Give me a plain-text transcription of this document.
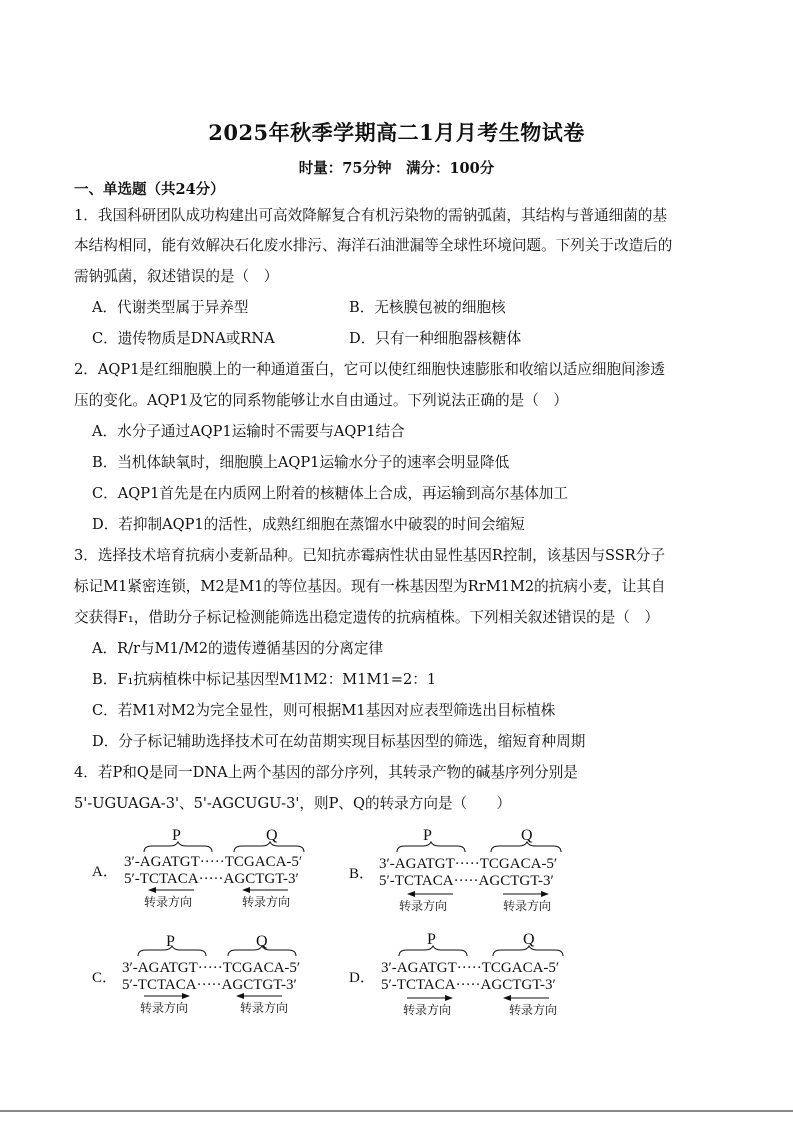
2025年秋季学期高二1月月考生物试卷
时量：75分钟　满分：100分
一、单选题（共24分）
1．我国科研团队成功构建出可高效降解复合有机污染物的需钠弧菌，其结构与普通细菌的基
本结构相同，能有效解决石化废水排污、海洋石油泄漏等全球性环境问题。下列关于改造后的
需钠弧菌，叙述错误的是（　）
A．代谢类型属于异养型	B．无核膜包被的细胞核
C．遗传物质是DNA或RNA	D．只有一种细胞器核糖体
2．AQP1是红细胞膜上的一种通道蛋白，它可以使红细胞快速膨胀和收缩以适应细胞间渗透
压的变化。AQP1及它的同系物能够让水自由通过。下列说法正确的是（　）
A．水分子通过AQP1运输时不需要与AQP1结合
B．当机体缺氧时，细胞膜上AQP1运输水分子的速率会明显降低
C．AQP1首先是在内质网上附着的核糖体上合成，再运输到高尔基体加工
D．若抑制AQP1的活性，成熟红细胞在蒸馏水中破裂的时间会缩短
3．选择技术培育抗病小麦新品种。已知抗赤霉病性状由显性基因R控制，该基因与SSR分子
标记M1紧密连锁，M2是M1的等位基因。现有一株基因型为RrM1M2的抗病小麦，让其自
交获得F₁，借助分子标记检测能筛选出稳定遗传的抗病植株。下列相关叙述错误的是（　）
A．R/r与M1/M2的遗传遵循基因的分离定律
B．F₁抗病植株中标记基因型M1M2：M1M1=2：1
C．若M1对M2为完全显性，则可根据M1基因对应表型筛选出目标植株
D．分子标记辅助选择技术可在幼苗期实现目标基因型的筛选，缩短育种周期
4．若P和Q是同一DNA上两个基因的部分序列，其转录产物的碱基序列分别是
5'-UGUAGA-3'、5'-AGCUGU-3'，则P、Q的转录方向是（　　）
A．
P	Q
3′-AGATGT·····TCGACA-5′
5′-TCTACA·····AGCTGT-3′
转录方向	转录方向
B．
P	Q
3′-AGATGT·····TCGACA-5′
5′-TCTACA·····AGCTGT-3′
转录方向	转录方向
C．
P	Q
3′-AGATGT·····TCGACA-5′
5′-TCTACA·····AGCTGT-3′
转录方向	转录方向
D．
P	Q
3′-AGATGT·····TCGACA-5′
5′-TCTACA·····AGCTGT-3′
转录方向	转录方向
